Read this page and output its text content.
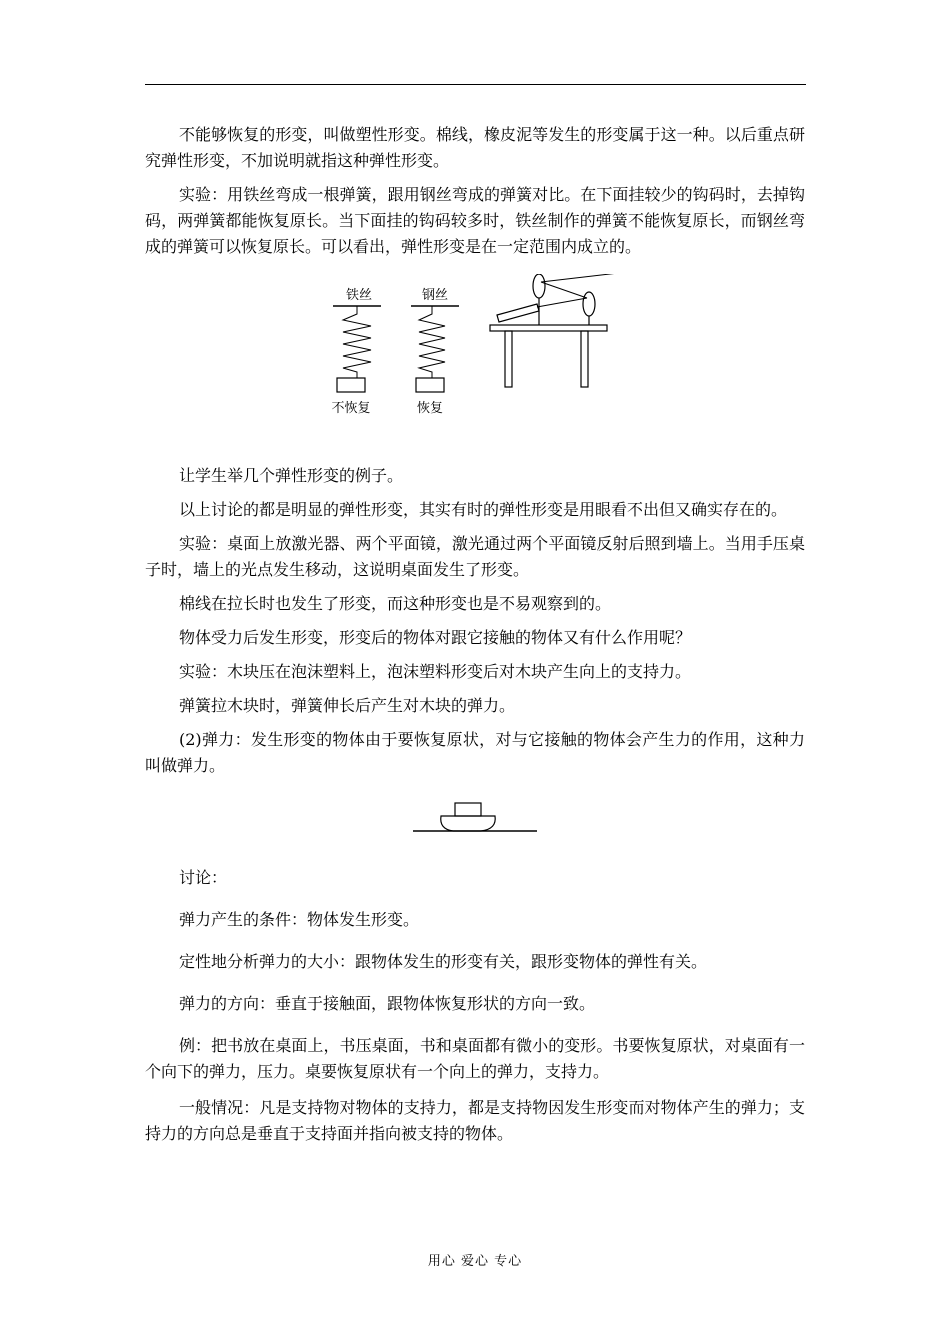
不能够恢复的形变，叫做塑性形变。棉线，橡皮泥等发生的形变属于这一种。以后重点研究弹性形变，不加说明就指这种弹性形变。

实验：用铁丝弯成一根弹簧，跟用钢丝弯成的弹簧对比。在下面挂较少的钩码时，去掉钩码，两弹簧都能恢复原长。当下面挂的钩码较多时，铁丝制作的弹簧不能恢复原长，而钢丝弯成的弹簧可以恢复原长。可以看出，弹性形变是在一定范围内成立的。

铁丝
不恢复
钢丝
恢复

让学生举几个弹性形变的例子。

以上讨论的都是明显的弹性形变，其实有时的弹性形变是用眼看不出但又确实存在的。

实验：桌面上放激光器、两个平面镜，激光通过两个平面镜反射后照到墙上。当用手压桌子时，墙上的光点发生移动，这说明桌面发生了形变。

棉线在拉长时也发生了形变，而这种形变也是不易观察到的。

物体受力后发生形变，形变后的物体对跟它接触的物体又有什么作用呢？

实验：木块压在泡沫塑料上，泡沫塑料形变后对木块产生向上的支持力。

弹簧拉木块时，弹簧伸长后产生对木块的弹力。

(2)弹力：发生形变的物体由于要恢复原状，对与它接触的物体会产生力的作用，这种力叫做弹力。

讨论：

弹力产生的条件：物体发生形变。

定性地分析弹力的大小：跟物体发生的形变有关，跟形变物体的弹性有关。

弹力的方向：垂直于接触面，跟物体恢复形状的方向一致。

例：把书放在桌面上，书压桌面，书和桌面都有微小的变形。书要恢复原状，对桌面有一个向下的弹力，压力。桌要恢复原状有一个向上的弹力，支持力。

一般情况：凡是支持物对物体的支持力，都是支持物因发生形变而对物体产生的弹力；支持力的方向总是垂直于支持面并指向被支持的物体。

用心 爱心 专心
